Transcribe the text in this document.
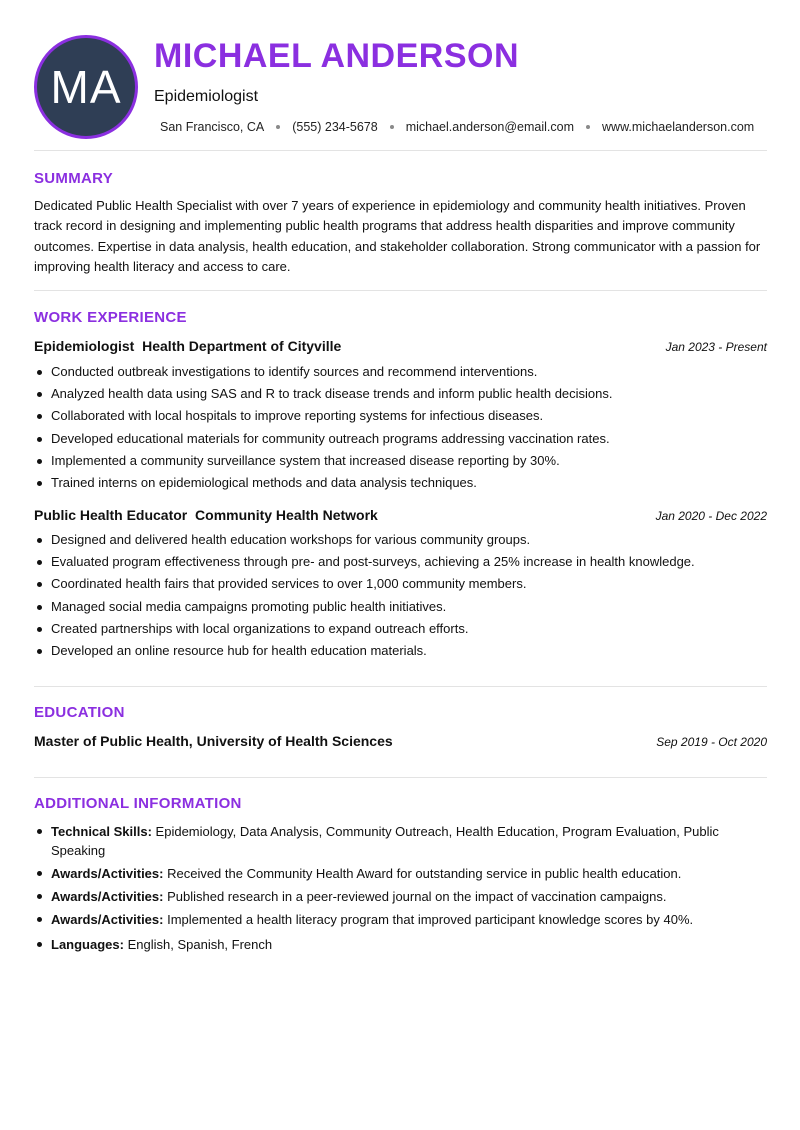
MA
MICHAEL ANDERSON
Epidemiologist
San Francisco, CA (555) 234-5678 michael.anderson@email.com www.michaelanderson.com
SUMMARY

Dedicated Public Health Specialist with over 7 years of experience in epidemiology and community health initiatives. Proven track record in designing and implementing public health programs that address health disparities and improve community outcomes. Expertise in data analysis, health education, and stakeholder collaboration. Strong communicator with a passion for improving health literacy and access to care.

WORK EXPERIENCE
Epidemiologist  Health Department of Cityville	Jan 2023 - Present
Conducted outbreak investigations to identify sources and recommend interventions.
Analyzed health data using SAS and R to track disease trends and inform public health decisions.
Collaborated with local hospitals to improve reporting systems for infectious diseases.
Developed educational materials for community outreach programs addressing vaccination rates.
Implemented a community surveillance system that increased disease reporting by 30%.
Trained interns on epidemiological methods and data analysis techniques.
Public Health Educator  Community Health Network	Jan 2020 - Dec 2022
Designed and delivered health education workshops for various community groups.
Evaluated program effectiveness through pre- and post-surveys, achieving a 25% increase in health knowledge.
Coordinated health fairs that provided services to over 1,000 community members.
Managed social media campaigns promoting public health initiatives.
Created partnerships with local organizations to expand outreach efforts.
Developed an online resource hub for health education materials.
EDUCATION
Master of Public Health, University of Health Sciences	Sep 2019 - Oct 2020
ADDITIONAL INFORMATION
Technical Skills: Epidemiology, Data Analysis, Community Outreach, Health Education, Program Evaluation, Public Speaking
Awards/Activities: Received the Community Health Award for outstanding service in public health education.
Awards/Activities: Published research in a peer-reviewed journal on the impact of vaccination campaigns.
Awards/Activities: Implemented a health literacy program that improved participant knowledge scores by 40%.
Languages: English, Spanish, French
